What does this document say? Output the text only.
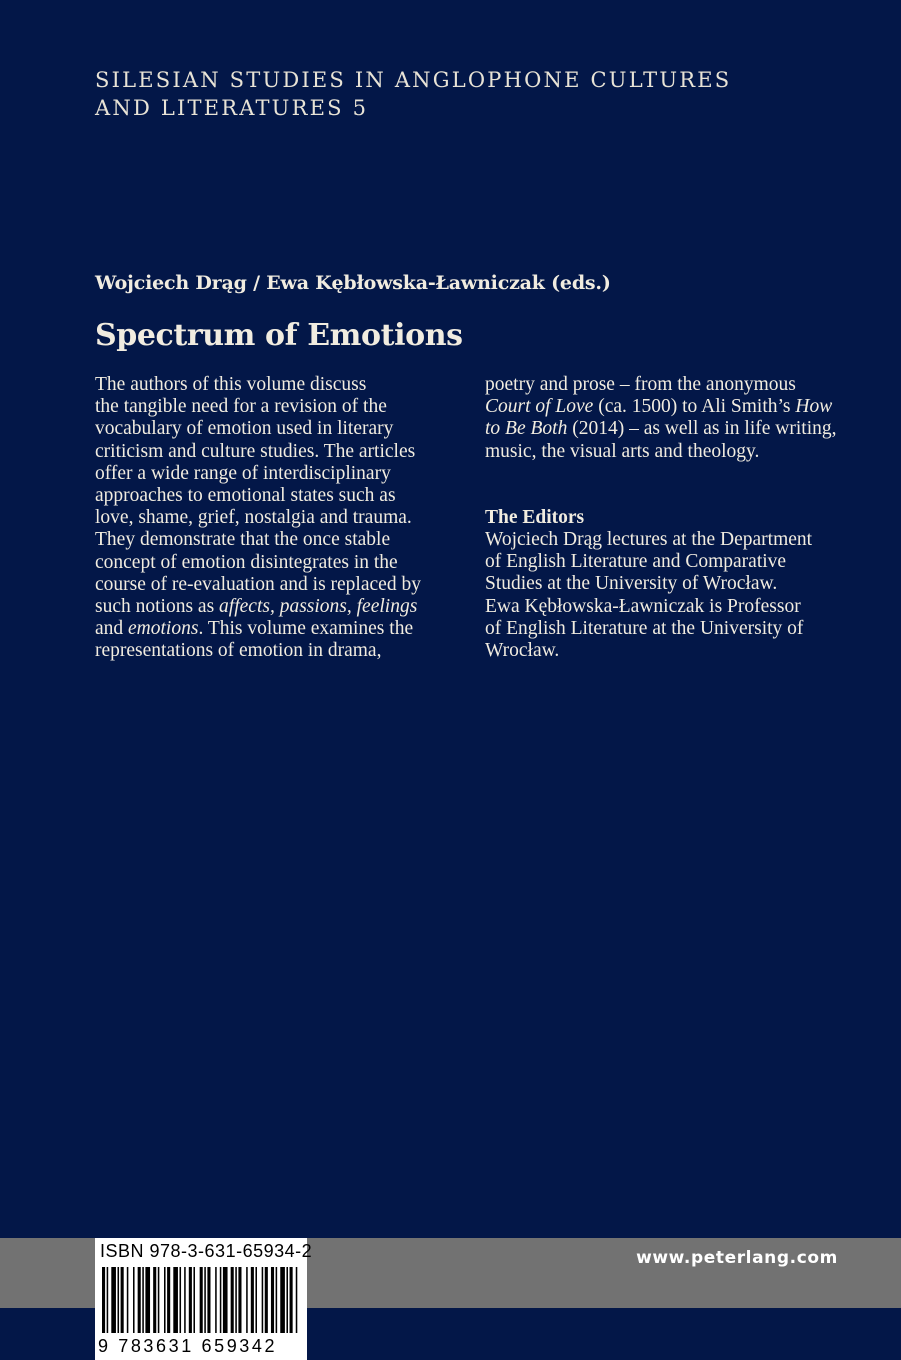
SILESIAN STUDIES IN ANGLOPHONE CULTURES
AND LITERATURES 5
Wojciech Drąg / Ewa Kębłowska-Ławniczak (eds.)
Spectrum of Emotions
The authors of this volume discuss
the tangible need for a revision of the
vocabulary of emotion used in literary
criticism and culture studies. The articles
offer a wide range of interdisciplinary
approaches to emotional states such as
love, shame, grief, nostalgia and trauma.
They demonstrate that the once stable
concept of emotion disintegrates in the
course of re-evaluation and is replaced by
such notions as affects, passions, feelings
and emotions. This volume examines the
representations of emotion in drama,
poetry and prose – from the anonymous
Court of Love (ca. 1500) to Ali Smith’s How
to Be Both (2014) – as well as in life writing,
music, the visual arts and theology.
The Editors
Wojciech Drąg lectures at the Department
of English Literature and Comparative
Studies at the University of Wrocław.
Ewa Kębłowska-Ławniczak is Professor
of English Literature at the University of
Wrocław.
www.peterlang.com
ISBN 978-3-631-65934-2
9 783631 659342
